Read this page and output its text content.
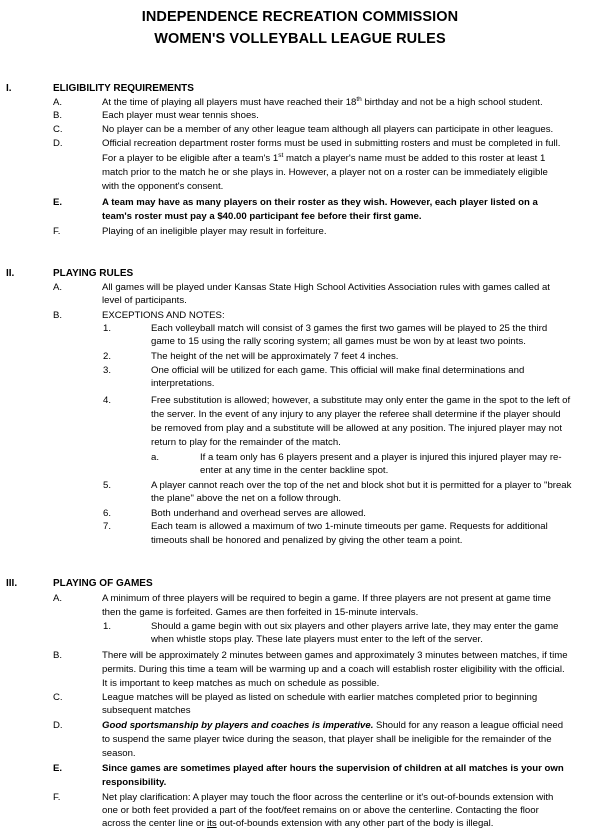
INDEPENDENCE RECREATION COMMISSION
WOMEN'S VOLLEYBALL LEAGUE RULES
I.	ELIGIBILITY REQUIREMENTS
A.	At the time of playing all players must have reached their 18th birthday and not be a high school student.
B.	Each player must wear tennis shoes.
C.	No player can be a member of any other league team although all players can participate in other leagues.
D.	Official recreation department roster forms must be used in submitting rosters and must be completed in full.
For a player to be eligible after a team's 1st match a player's name must be added to this roster at least 1
match prior to the match he or she plays in. However, a player not on a roster can be immediately eligible
with the opponent's consent.
E.	A team may have as many players on their roster as they wish. However, each player listed on a
team's roster must pay a $40.00 participant fee before their first game.
F.	Playing of an ineligible player may result in forfeiture.
II.	PLAYING RULES
A.	All games will be played under Kansas State High School Activities Association rules with games called at
level of participants.
B.	EXCEPTIONS AND NOTES:
1.	Each volleyball match will consist of 3 games the first two games will be played to 25 the third
game to 15 using the rally scoring system; all games must be won by at least two points.
2.	The height of the net will be approximately 7 feet 4 inches.
3.	One official will be utilized for each game. This official will make final determinations and
interpretations.
4.	Free substitution is allowed; however, a substitute may only enter the game in the spot to the left of
the server. In the event of any injury to any player the referee shall determine if the player should
be removed from play and a substitute will be allowed at any position. The injured player may not
return to play for the remainder of the match.
a.	If a team only has 6 players present and a player is injured this injured player may re-
enter at any time in the center backline spot.
5.	A player cannot reach over the top of the net and block shot but it is permitted for a player to "break
the plane" above the net on a follow through.
6.	Both underhand and overhead serves are allowed.
7.	Each team is allowed a maximum of two 1-minute timeouts per game. Requests for additional
timeouts shall be honored and penalized by giving the other team a point.
III.	PLAYING OF GAMES
A.	A minimum of three players will be required to begin a game. If three players are not present at game time
then the game is forfeited. Games are then forfeited in 15-minute intervals.
1.	Should a game begin with out six players and other players arrive late, they may enter the game
when whistle stops play. These late players must enter to the left of the server.
B.	There will be approximately 2 minutes between games and approximately 3 minutes between matches, if time
permits. During this time a team will be warming up and a coach will establish roster eligibility with the official.
It is important to keep matches as much on schedule as possible.
C.	League matches will be played as listed on schedule with earlier matches completed prior to beginning
subsequent matches
D.	Good sportsmanship by players and coaches is imperative. Should for any reason a league official need
to suspend the same player twice during the season, that player shall be ineligible for the remainder of the
season.
E.	Since games are sometimes played after hours the supervision of children at all matches is your own
responsibility.
F.	Net play clarification: A player may touch the floor across the centerline or it's out-of-bounds extension with
one or both feet provided a part of the foot/feet remains on or above the centerline. Contacting the floor
across the center line or its out-of-bounds extension with any other part of the body is illegal.
